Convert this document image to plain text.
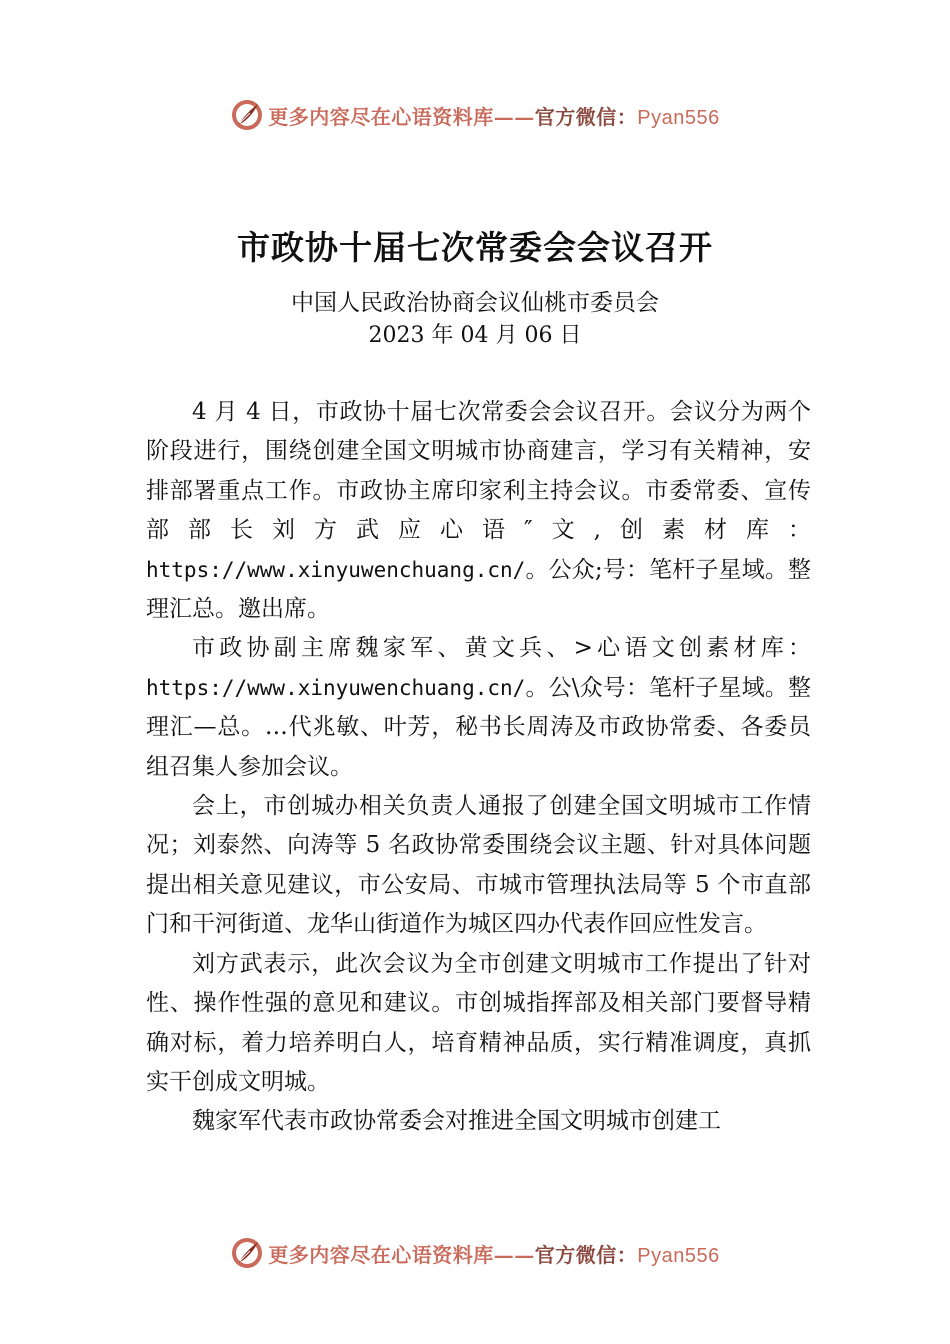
更多内容尽在心语资料库——官方微信：Pyan556
市政协十届七次常委会会议召开
中国人民政治协商会议仙桃市委员会
2023 年 04 月 06 日

4 月 4 日，市政协十届七次常委会会议召开。会议分为两个阶段进行，围绕创建全国文明城市协商建言，学习有关精神，安排部署重点工作。市政协主席印家利主持会议。市委常委、宣传部部长刘方武应心语″文,创素材库：https://www.xinyuwenchuang.cn/。公众;号：笔杆子星域。整理汇总。邀出席。

市政协副主席魏家军、黄文兵、>心语文创素材库：https://www.xinyuwenchuang.cn/。公\众号：笔杆子星域。整理汇—总。…代兆敏、叶芳，秘书长周涛及市政协常委、各委员组召集人参加会议。

会上，市创城办相关负责人通报了创建全国文明城市工作情况；刘泰然、向涛等 5 名政协常委围绕会议主题、针对具体问题提出相关意见建议，市公安局、市城市管理执法局等 5 个市直部门和干河街道、龙华山街道作为城区四办代表作回应性发言。

刘方武表示，此次会议为全市创建文明城市工作提出了针对性、操作性强的意见和建议。市创城指挥部及相关部门要督导精确对标，着力培养明白人，培育精神品质，实行精准调度，真抓实干创成文明城。

魏家军代表市政协常委会对推进全国文明城市创建工

更多内容尽在心语资料库——官方微信：Pyan556
